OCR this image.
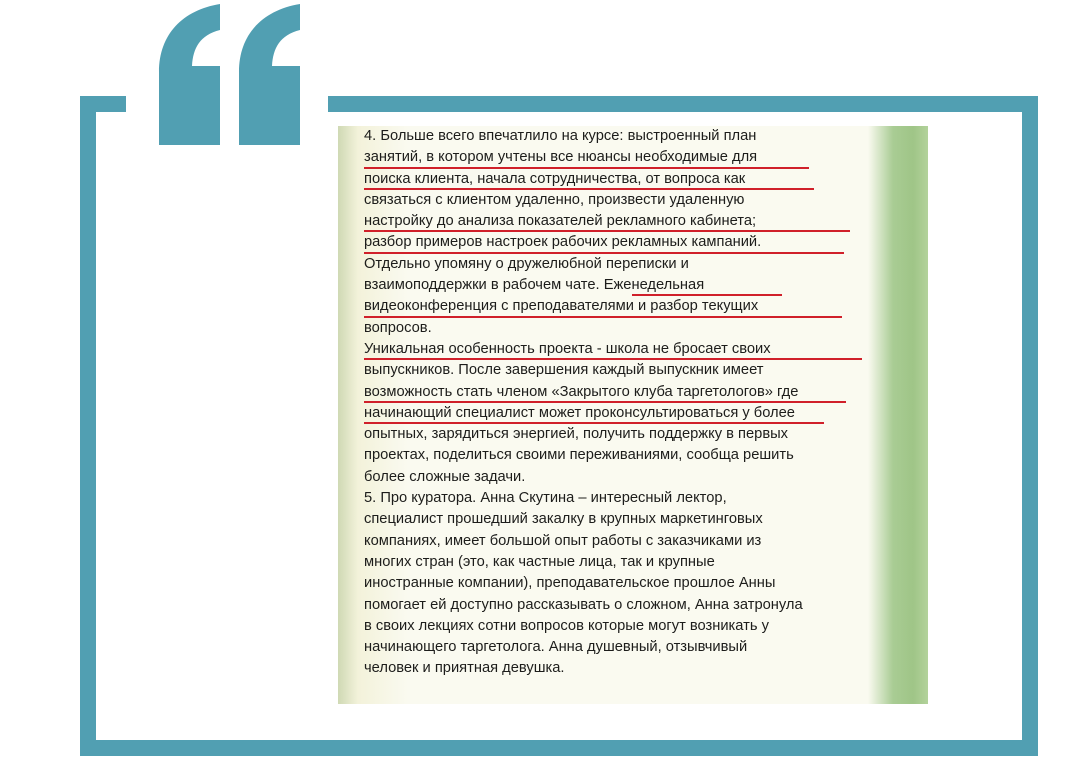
4. Больше всего впечатлило на курсе: выстроенный план
занятий, в котором учтены все нюансы необходимые для
поиска клиента, начала сотрудничества, от вопроса как
связаться с клиентом удаленно, произвести удаленную
настройку до анализа показателей рекламного кабинета;
разбор примеров настроек рабочих рекламных кампаний.
Отдельно упомяну о дружелюбной переписки и
взаимоподдержки в рабочем чате. Еженедельная
видеоконференция с преподавателями и разбор текущих
вопросов.
Уникальная особенность проекта - школа не бросает своих
выпускников. После завершения каждый выпускник имеет
возможность стать членом «Закрытого клуба таргетологов» где
начинающий специалист может проконсультироваться у более
опытных, зарядиться энергией, получить поддержку в первых
проектах, поделиться своими переживаниями, сообща решить
более сложные задачи.
5. Про куратора. Анна Скутина – интересный лектор,
специалист прошедший закалку в крупных маркетинговых
компаниях, имеет большой опыт работы с заказчиками из
многих стран (это, как частные лица, так и крупные
иностранные компании), преподавательское прошлое Анны
помогает ей доступно рассказывать о сложном, Анна затронула
в своих лекциях сотни вопросов которые могут возникать у
начинающего таргетолога. Анна душевный, отзывчивый
человек и приятная девушка.
